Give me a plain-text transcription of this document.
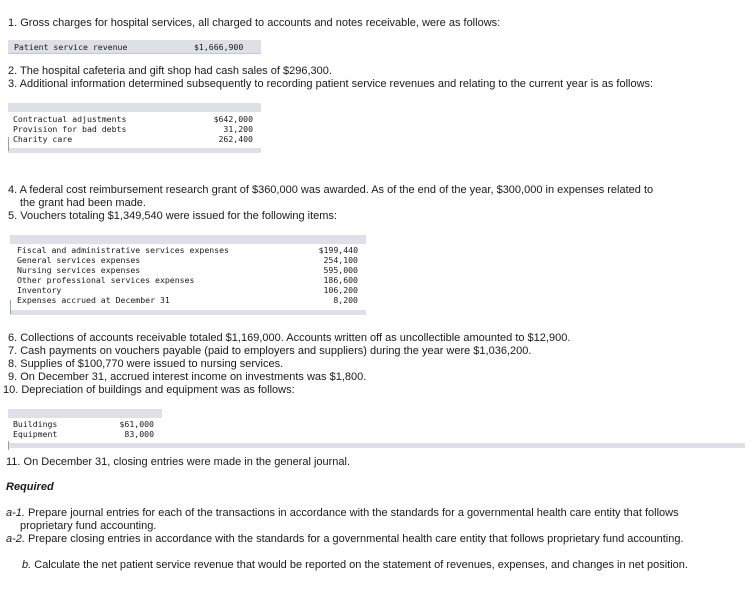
1. Gross charges for hospital services, all charged to accounts and notes receivable, were as follows:
Patient service revenue	$1,666,900
2. The hospital cafeteria and gift shop had cash sales of $296,300.
3. Additional information determined subsequently to recording patient service revenues and relating to the current year is as follows:
Contractual adjustments
Provision for bad debts
Charity care
$642,000
31,200
262,400
4. A federal cost reimbursement research grant of $360,000 was awarded. As of the end of the year, $300,000 in expenses related to
the grant had been made.
5. Vouchers totaling $1,349,540 were issued for the following items:
Fiscal and administrative services expenses
General services expenses
Nursing services expenses
Other professional services expenses
Inventory
Expenses accrued at December 31
$199,440
254,100
595,000
186,600
106,200
8,200
6. Collections of accounts receivable totaled $1,169,000. Accounts written off as uncollectible amounted to $12,900.
7. Cash payments on vouchers payable (paid to employers and suppliers) during the year were $1,036,200.
8. Supplies of $100,770 were issued to nursing services.
9. On December 31, accrued interest income on investments was $1,800.
10. Depreciation of buildings and equipment was as follows:
Buildings
Equipment
$61,000
83,000
11. On December 31, closing entries were made in the general journal.
Required
a-1. Prepare journal entries for each of the transactions in accordance with the standards for a governmental health care entity that follows proprietary fund accounting.
a-2. Prepare closing entries in accordance with the standards for a governmental health care entity that follows proprietary fund accounting.
b. Calculate the net patient service revenue that would be reported on the statement of revenues, expenses, and changes in net position.
